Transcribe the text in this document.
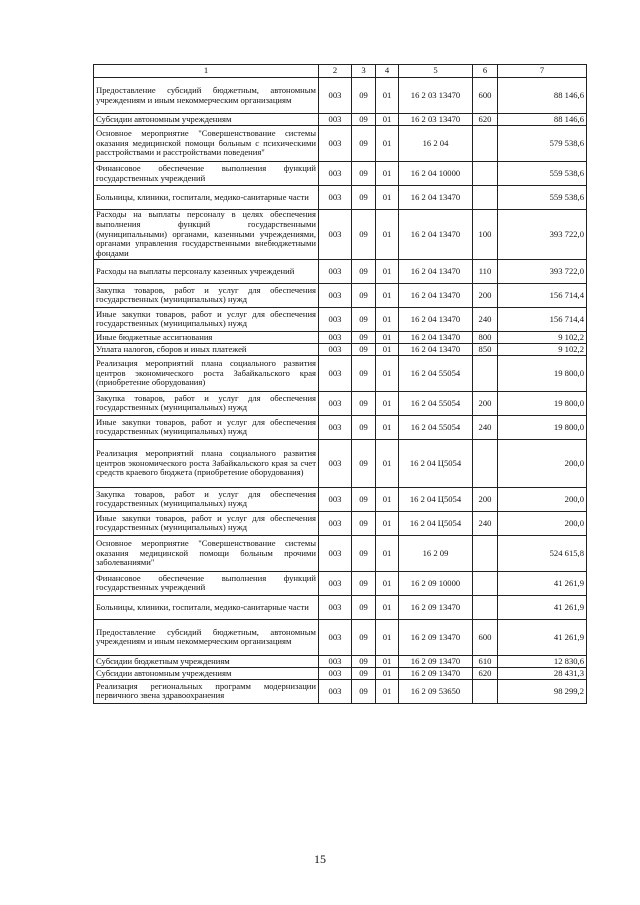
1	2	3	4	5	6	7
Предоставление субсидий бюджетным, автономным учреждениям и иным некоммерческим организациям	003	09	01	16 2 03 13470	600	88 146,6
Субсидии автономным учреждениям	003	09	01	16 2 03 13470	620	88 146,6
Основное мероприятие "Совершенствование системы оказания медицинской помощи больным с психическими расстройствами и расстройствами поведения"	003	09	01	16 2 04		579 538,6
Финансовое обеспечение выполнения функций государственных учреждений	003	09	01	16 2 04 10000		559 538,6
Больницы, клиники, госпитали, медико-санитарные части	003	09	01	16 2 04 13470		559 538,6
Расходы на выплаты персоналу в целях обеспечения выполнения функций государственными (муниципальными) органами, казенными учреждениями, органами управления государственными внебюджетными фондами	003	09	01	16 2 04 13470	100	393 722,0
Расходы на выплаты персоналу казенных учреждений	003	09	01	16 2 04 13470	110	393 722,0
Закупка товаров, работ и услуг для обеспечения государственных (муниципальных) нужд	003	09	01	16 2 04 13470	200	156 714,4
Иные закупки товаров, работ и услуг для обеспечения государственных (муниципальных) нужд	003	09	01	16 2 04 13470	240	156 714,4
Иные бюджетные ассигнования	003	09	01	16 2 04 13470	800	9 102,2
Уплата налогов, сборов и иных платежей	003	09	01	16 2 04 13470	850	9 102,2
Реализация мероприятий плана социального развития центров экономического роста Забайкальского края (приобретение оборудования)	003	09	01	16 2 04 55054		19 800,0
Закупка товаров, работ и услуг для обеспечения государственных (муниципальных) нужд	003	09	01	16 2 04 55054	200	19 800,0
Иные закупки товаров, работ и услуг для обеспечения государственных (муниципальных) нужд	003	09	01	16 2 04 55054	240	19 800,0
Реализация мероприятий плана социального развития центров экономического роста Забайкальского края за счет средств краевого бюджета (приобретение оборудования)	003	09	01	16 2 04 Ц5054		200,0
Закупка товаров, работ и услуг для обеспечения государственных (муниципальных) нужд	003	09	01	16 2 04 Ц5054	200	200,0
Иные закупки товаров, работ и услуг для обеспечения государственных (муниципальных) нужд	003	09	01	16 2 04 Ц5054	240	200,0
Основное мероприятие "Совершенствование системы оказания медицинской помощи больным прочими заболеваниями"	003	09	01	16 2 09		524 615,8
Финансовое обеспечение выполнения функций государственных учреждений	003	09	01	16 2 09 10000		41 261,9
Больницы, клиники, госпитали, медико-санитарные части	003	09	01	16 2 09 13470		41 261,9
Предоставление субсидий бюджетным, автономным учреждениям и иным некоммерческим организациям	003	09	01	16 2 09 13470	600	41 261,9
Субсидии бюджетным учреждениям	003	09	01	16 2 09 13470	610	12 830,6
Субсидии автономным учреждениям	003	09	01	16 2 09 13470	620	28 431,3
Реализация региональных программ модернизации первичного звена здравоохранения	003	09	01	16 2 09 53650		98 299,2
15
